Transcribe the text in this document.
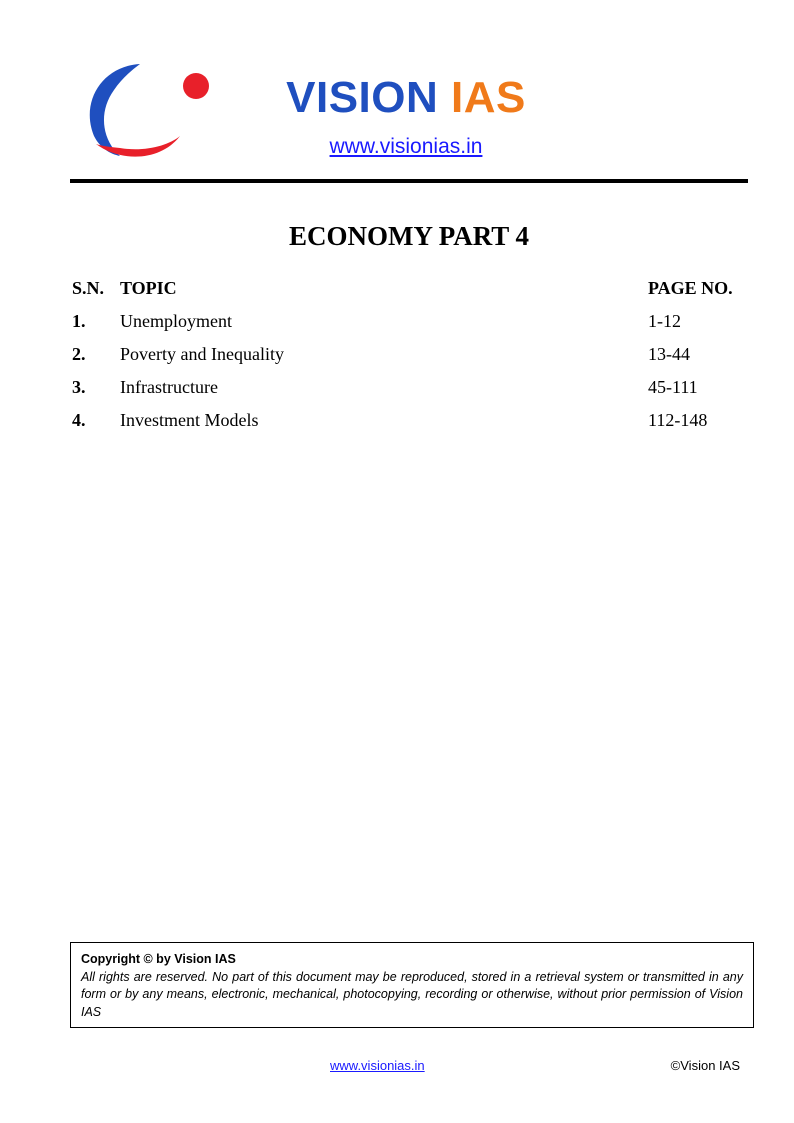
VISION IAS
www.visionias.in
ECONOMY PART 4
S.N. TOPIC	PAGE NO.
1. Unemployment	1-12
2. Poverty and Inequality	13-44
3. Infrastructure	45-111
4. Investment Models	112-148
Copyright © by Vision IAS
All rights are reserved. No part of this document may be reproduced, stored in a retrieval system or transmitted in any form or by any means, electronic, mechanical, photocopying, recording or otherwise, without prior permission of Vision IAS
www.visionias.in	©Vision IAS
